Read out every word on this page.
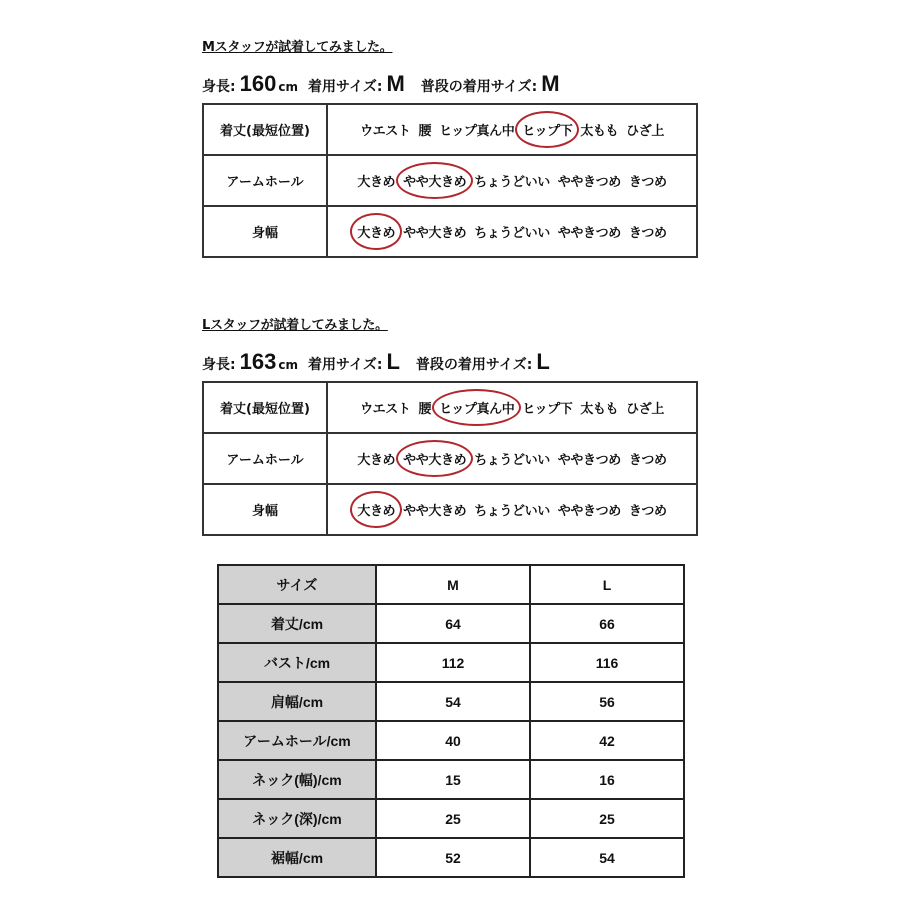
Mスタッフが試着してみました。
身長 : 160 cm 着用サイズ : M 普段の着用サイズ : M
着丈(最短位置)	ウエスト 腰 ヒップ真ん中 ヒップ下 太もも ひざ上
アームホール	大きめ やや大きめ ちょうどいい ややきつめ きつめ
身幅	大きめ やや大きめ ちょうどいい ややきつめ きつめ
Lスタッフが試着してみました。
身長 : 163 cm 着用サイズ : L 普段の着用サイズ : L
着丈(最短位置)	ウエスト 腰 ヒップ真ん中 ヒップ下 太もも ひざ上
アームホール	大きめ やや大きめ ちょうどいい ややきつめ きつめ
身幅	大きめ やや大きめ ちょうどいい ややきつめ きつめ
サイズ	M	L
着丈/cm	64	66
バスト/cm	112	116
肩幅/cm	54	56
アームホール/cm	40	42
ネック(幅)/cm	15	16
ネック(深)/cm	25	25
裾幅/cm	52	54
